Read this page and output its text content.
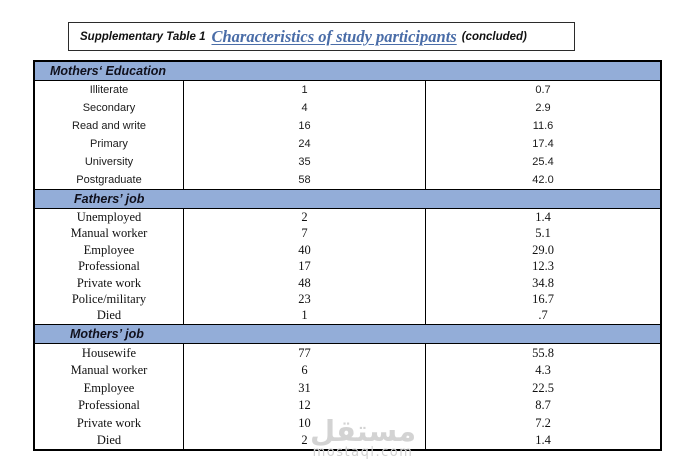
Supplementary Table 1 Characteristics of study participants (concluded)
Mothers‘ Education
Illiterate	1	0.7
Secondary	4	2.9
Read and write	16	11.6
Primary	24	17.4
University	35	25.4
Postgraduate	58	42.0
Fathers’ job
Unemployed	2	1.4
Manual worker	7	5.1
Employee	40	29.0
Professional	17	12.3
Private work	48	34.8
Police/military	23	16.7
Died	1	.7
Mothers’ job
Housewife	77	55.8
Manual worker	6	4.3
Employee	31	22.5
Professional	12	8.7
Private work	10	7.2
Died	2	1.4
مستقل
mostaql.com
